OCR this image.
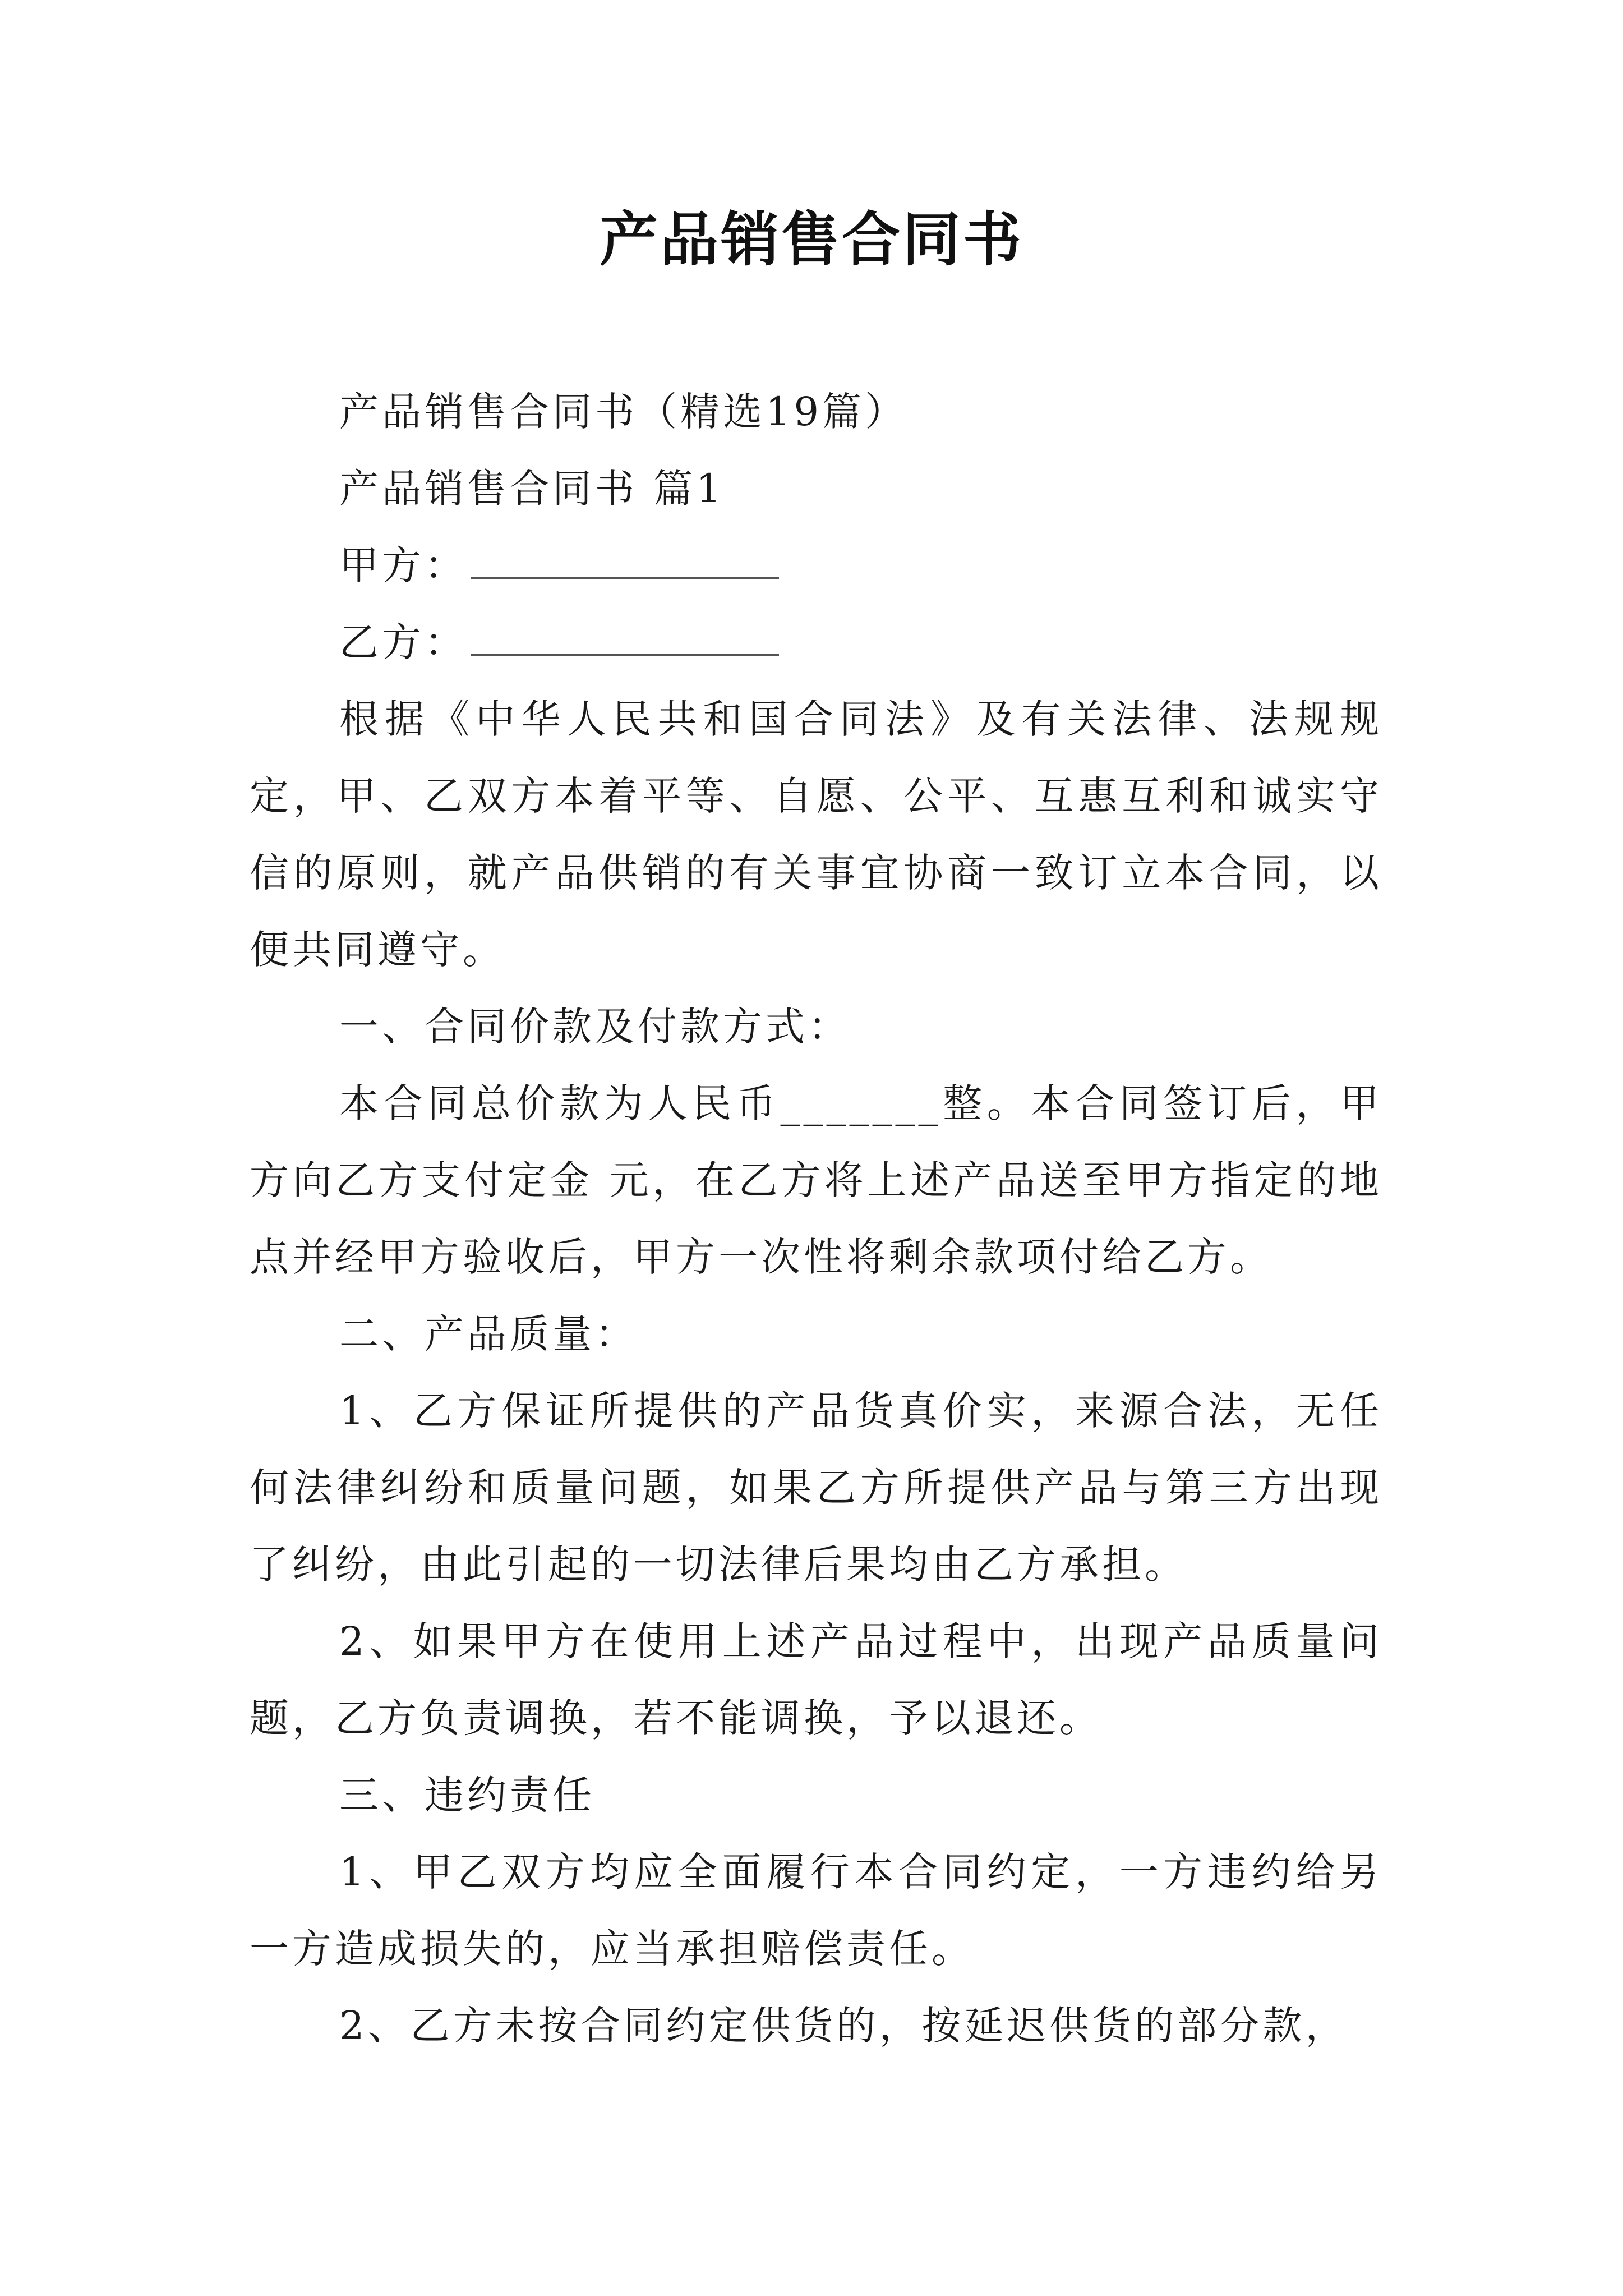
产品销售合同书

产品销售合同书（精选19篇）

产品销售合同书 篇1

甲方：

乙方：

根据《中华人民共和国合同法》及有关法律、法规规定，甲、乙双方本着平等、自愿、公平、互惠互利和诚实守信的原则，就产品供销的有关事宜协商一致订立本合同，以便共同遵守。

一、合同价款及付款方式：

本合同总价款为人民币_______整。本合同签订后，甲方向乙方支付定金 元，在乙方将上述产品送至甲方指定的地点并经甲方验收后，甲方一次性将剩余款项付给乙方。

二、产品质量：

1、乙方保证所提供的产品货真价实，来源合法，无任何法律纠纷和质量问题，如果乙方所提供产品与第三方出现了纠纷，由此引起的一切法律后果均由乙方承担。

2、如果甲方在使用上述产品过程中，出现产品质量问题，乙方负责调换，若不能调换，予以退还。

三、违约责任

1、甲乙双方均应全面履行本合同约定，一方违约给另一方造成损失的，应当承担赔偿责任。

2、乙方未按合同约定供货的，按延迟供货的部分款，
